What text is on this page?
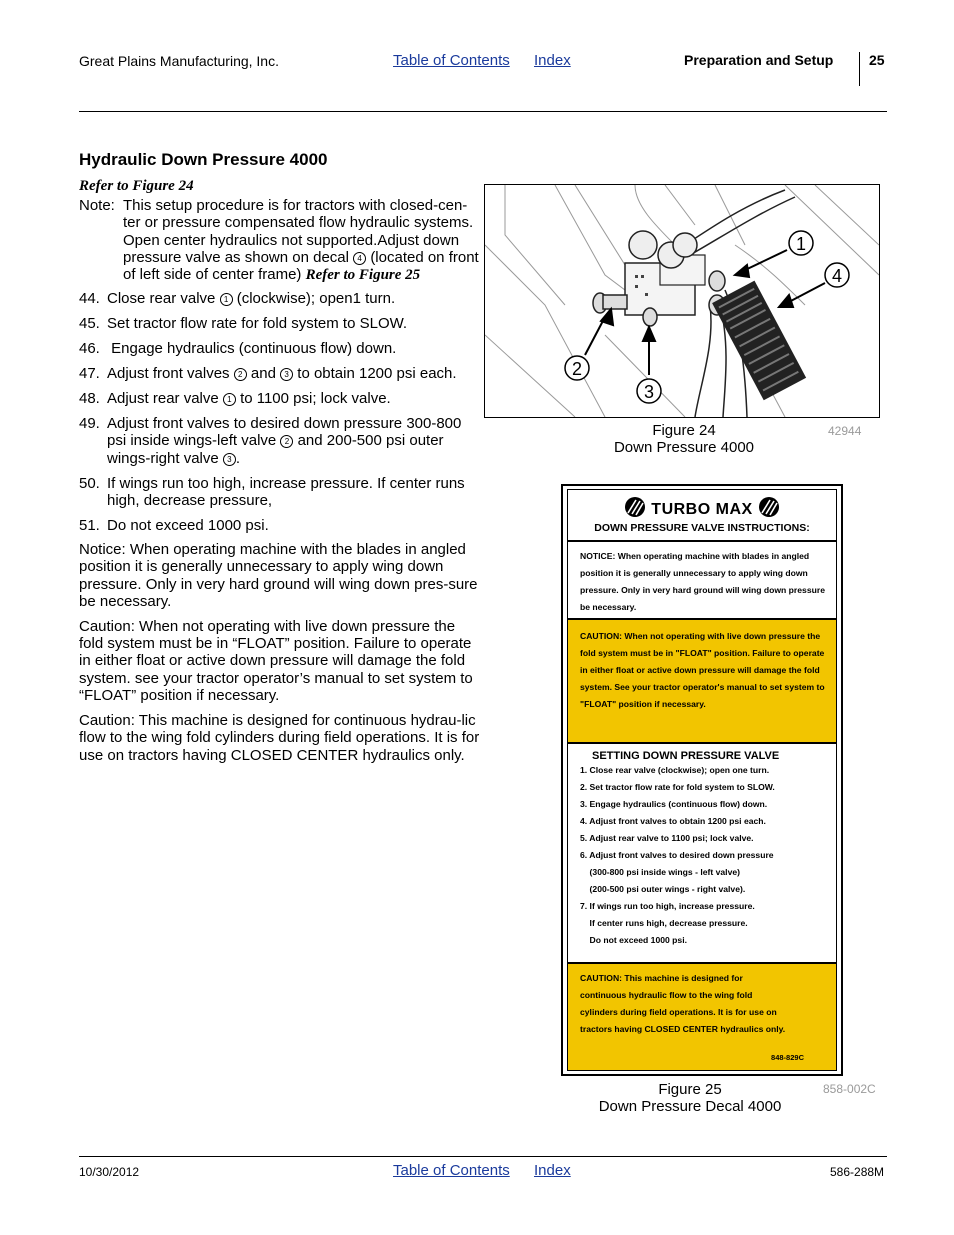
Great Plains Manufacturing, Inc.	Table of Contents Index	Preparation and Setup	25
Hydraulic Down Pressure 4000
Refer to Figure 24
Note: This setup procedure is for tractors with closed-cen-ter or pressure compensated flow hydraulic systems. Open center hydraulics not supported.Adjust down pressure valve as shown on decal 4 (located on front of left side of center frame) Refer to Figure 25
44. Close rear valve 1 (clockwise); open1 turn.
45. Set tractor flow rate for fold system to SLOW.
46. Engage hydraulics (continuous flow) down.
47. Adjust front valves 2 and 3 to obtain 1200 psi each.
48. Adjust rear valve 1 to 1100 psi; lock valve.
49. Adjust front valves to desired down pressure 300-800 psi inside wings-left valve 2 and 200-500 psi outer wings-right valve 3 .
50. If wings run too high, increase pressure. If center runs high, decrease pressure,
51. Do not exceed 1000 psi.
Notice: When operating machine with the blades in angled position it is generally unnecessary to apply wing down pressure. Only in very hard ground will wing down pres-sure be necessary.
Caution: When not operating with live down pressure the fold system must be in “FLOAT” position. Failure to operate in either float or active down pressure will damage the fold system. see your tractor operator’s manual to set system to “FLOAT” position if necessary.
Caution: This machine is designed for continuous hydrau-lic flow to the wing fold cylinders during field operations. It is for use on tractors having CLOSED CENTER hydraulics only.
1
4
2
3
Figure 24
Down Pressure 4000
42944
TURBO MAX
DOWN PRESSURE VALVE INSTRUCTIONS:
NOTICE: When operating machine with blades in angled position it is generally unnecessary to apply wing down pressure. Only in very hard ground will wing down pressure be necessary.
CAUTION: When not operating with live down pressure the fold system must be in "FLOAT" position. Failure to operate in either float or active down pressure will damage the fold system. See your tractor operator's manual to set system to "FLOAT" position if necessary.
SETTING DOWN PRESSURE VALVE
1. Close rear valve (clockwise); open one turn.
2. Set tractor flow rate for fold system to SLOW.
3. Engage hydraulics (continuous flow) down.
4. Adjust front valves to obtain 1200 psi each.
5. Adjust rear valve to 1100 psi; lock valve.
6. Adjust front valves to desired down pressure
(300-800 psi inside wings - left valve)
(200-500 psi outer wings - right valve).
7. If wings run too high, increase pressure.
If center runs high, decrease pressure.
Do not exceed 1000 psi.
CAUTION: This machine is designed for continuous hydraulic flow to the wing fold cylinders during field operations. It is for use on tractors having CLOSED CENTER hydraulics only.
848-829C
Figure 25
Down Pressure Decal 4000
858-002C
10/30/2012	Table of Contents Index	586-288M
